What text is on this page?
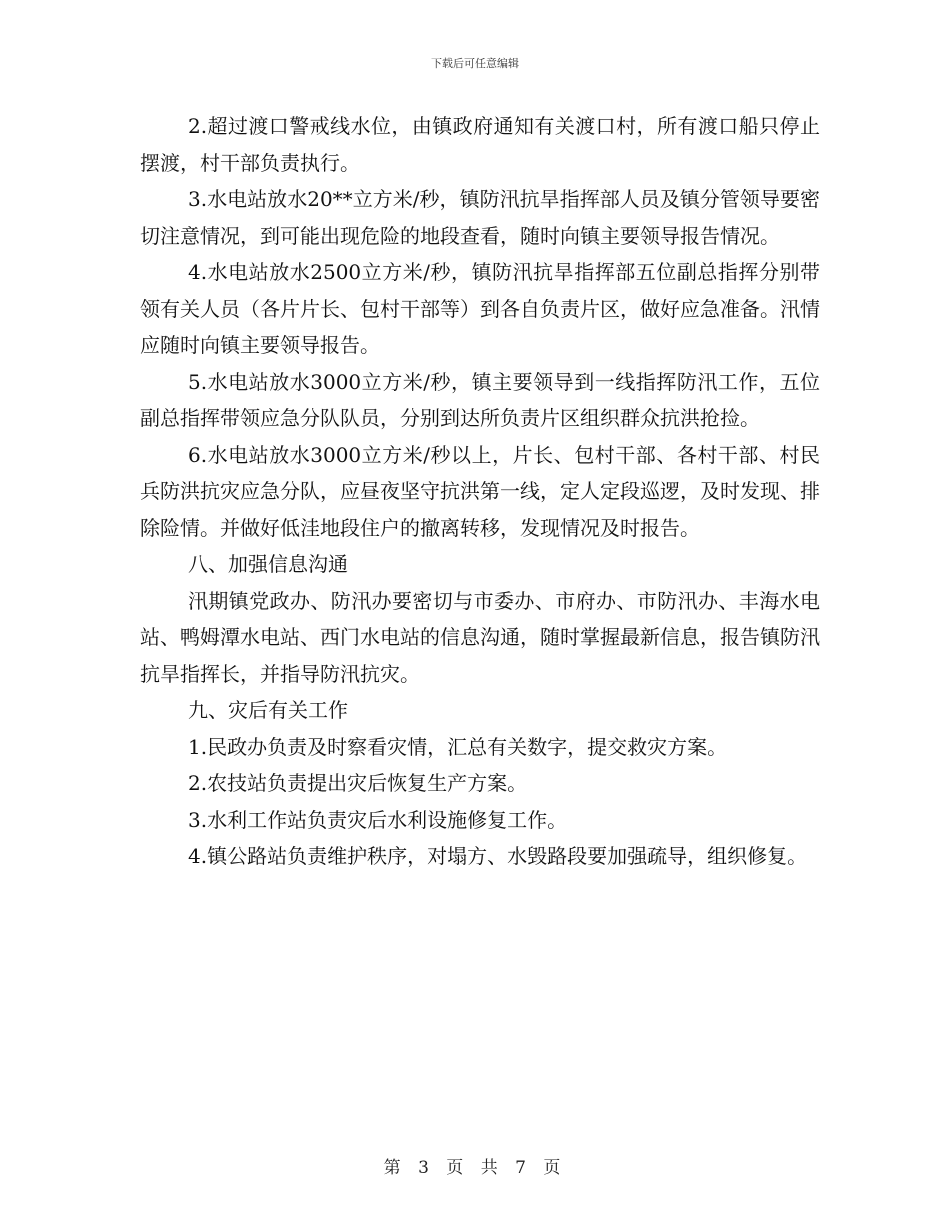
下载后可任意编辑

2.超过渡口警戒线水位，由镇政府通知有关渡口村，所有渡口船只停止摆渡，村干部负责执行。

3.水电站放水20**立方米/秒，镇防汛抗旱指挥部人员及镇分管领导要密切注意情况，到可能出现危险的地段查看，随时向镇主要领导报告情况。

4.水电站放水2500立方米/秒，镇防汛抗旱指挥部五位副总指挥分别带领有关人员（各片片长、包村干部等）到各自负责片区，做好应急准备。汛情应随时向镇主要领导报告。

5.水电站放水3000立方米/秒，镇主要领导到一线指挥防汛工作，五位副总指挥带领应急分队队员，分别到达所负责片区组织群众抗洪抢捡。

6.水电站放水3000立方米/秒以上，片长、包村干部、各村干部、村民兵防洪抗灾应急分队，应昼夜坚守抗洪第一线，定人定段巡逻，及时发现、排除险情。并做好低洼地段住户的撤离转移，发现情况及时报告。

八、加强信息沟通

汛期镇党政办、防汛办要密切与市委办、市府办、市防汛办、丰海水电站、鸭姆潭水电站、西门水电站的信息沟通，随时掌握最新信息，报告镇防汛抗旱指挥长，并指导防汛抗灾。

九、灾后有关工作

1.民政办负责及时察看灾情，汇总有关数字，提交救灾方案。

2.农技站负责提出灾后恢复生产方案。

3.水利工作站负责灾后水利设施修复工作。

4.镇公路站负责维护秩序，对塌方、水毁路段要加强疏导，组织修复。

第 3 页 共 7 页
